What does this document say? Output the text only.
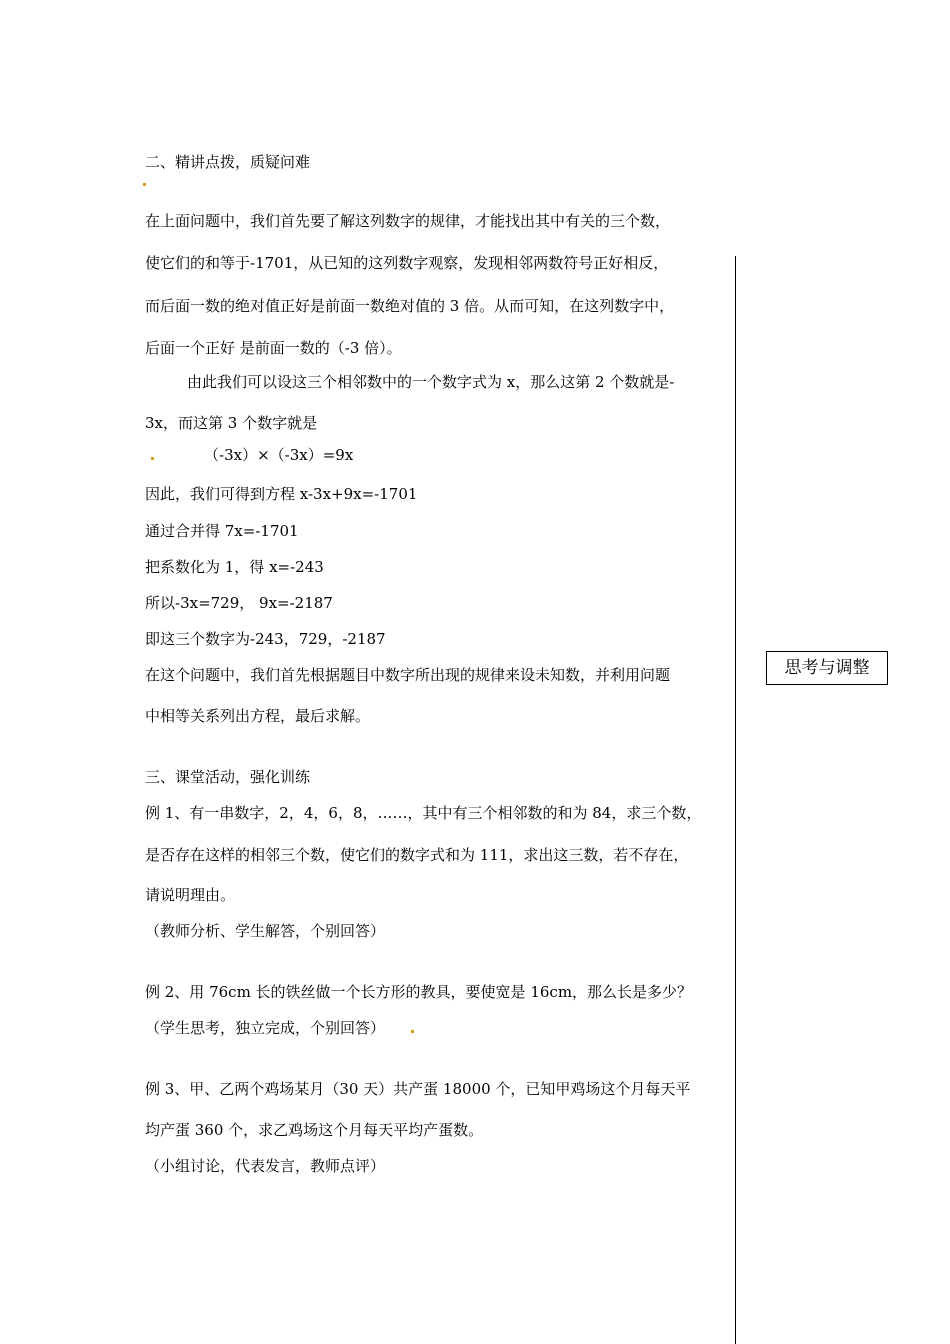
二、精讲点拨，质疑问难
在上面问题中，我们首先要了解这列数字的规律，才能找出其中有关的三个数，
使它们的和等于-1701，从已知的这列数字观察，发现相邻两数符号正好相反，
而后面一数的绝对值正好是前面一数绝对值的 3 倍。从而可知，在这列数字中，
后面一个正好 是前面一数的（-3 倍）。
由此我们可以设这三个相邻数中的一个数字式为 x，那么这第 2 个数就是-
3x，而这第 3 个数字就是
（-3x）×（-3x）=9x
因此，我们可得到方程 x-3x+9x=-1701
通过合并得 7x=-1701
把系数化为 1，得 x=-243
所以-3x=729， 9x=-2187
即这三个数字为-243，729，-2187
在这个问题中，我们首先根据题目中数字所出现的规律来设未知数，并利用问题
中相等关系列出方程，最后求解。
三、课堂活动，强化训练
例 1、有一串数字，2，4，6，8，……，其中有三个相邻数的和为 84，求三个数，
是否存在这样的相邻三个数，使它们的数字式和为 111，求出这三数，若不存在，
请说明理由。
（教师分析、学生解答，个别回答）
例 2、用 76cm 长的铁丝做一个长方形的教具，要使宽是 16cm，那么长是多少？
（学生思考，独立完成，个别回答）
例 3、甲、乙两个鸡场某月（30 天）共产蛋 18000 个，已知甲鸡场这个月每天平
均产蛋 360 个，求乙鸡场这个月每天平均产蛋数。
（小组讨论，代表发言，教师点评）
思考与调整
